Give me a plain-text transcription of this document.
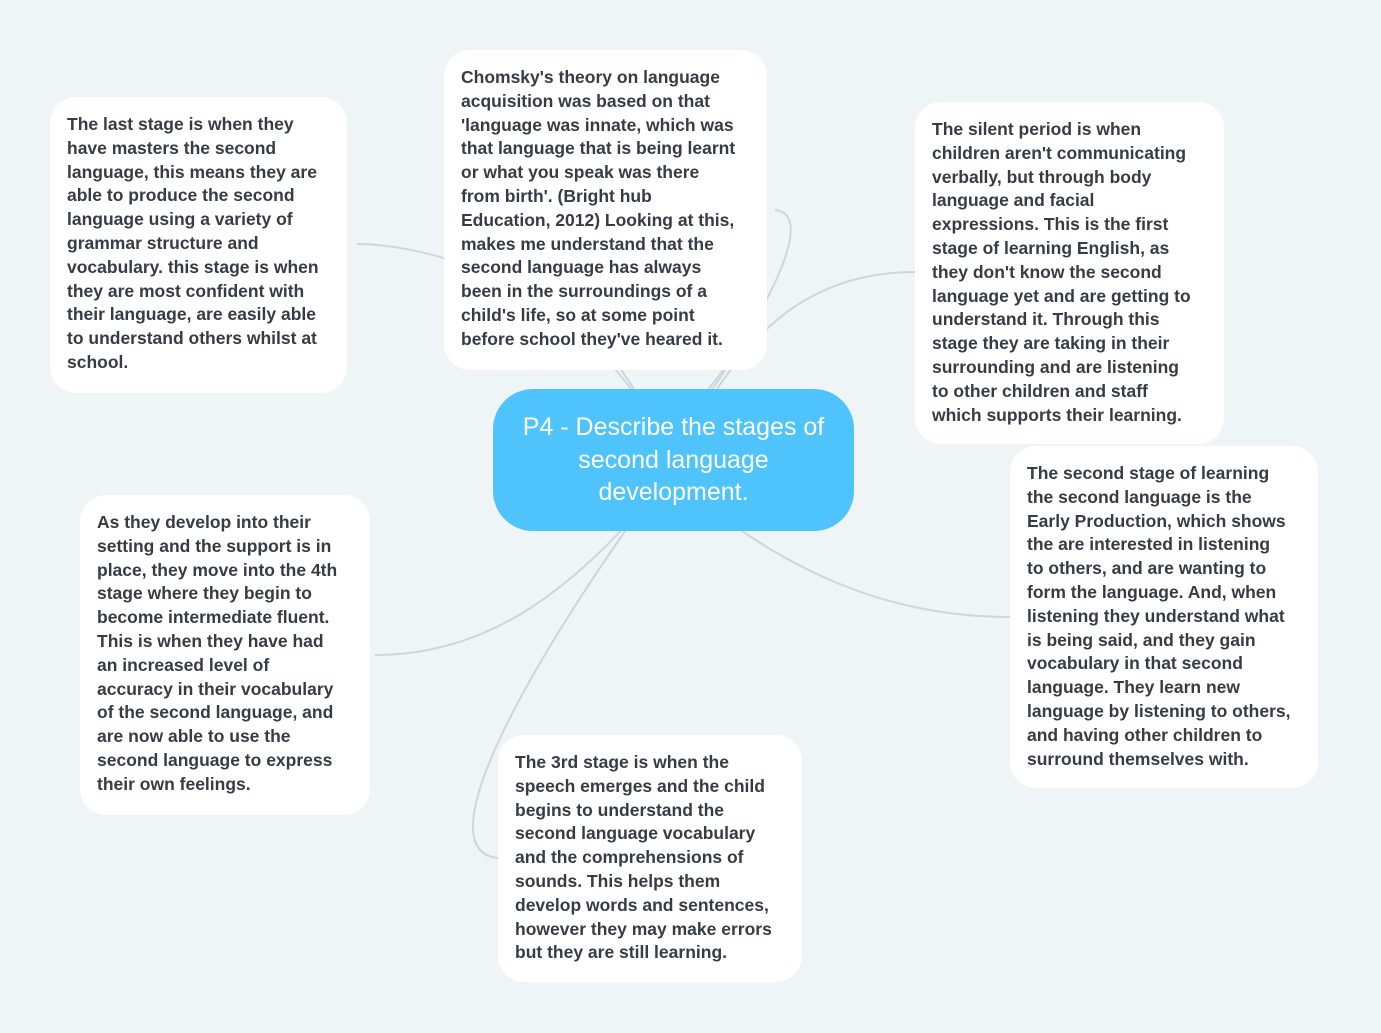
Chomsky's theory on language
acquisition was based on that
'language was innate, which was
that language that is being learnt
or what you speak was there
from birth'. (Bright hub
Education, 2012) Looking at this,
makes me understand that the
second language has always
been in the surroundings of a
child's life, so at some point
before school they've heared it.
The last stage is when they
have masters the second
language, this means they are
able to produce the second
language using a variety of
grammar structure and
vocabulary. this stage is when
they are most confident with
their language, are easily able
to understand others whilst at
school.
The silent period is when
children aren't communicating
verbally, but through body
language and facial
expressions. This is the first
stage of learning English, as
they don't know the second
language yet and are getting to
understand it. Through this
stage they are taking in their
surrounding and are listening
to other children and staff
which supports their learning.
The second stage of learning
the second language is the
Early Production, which shows
the are interested in listening
to others, and are wanting to
form the language. And, when
listening they understand what
is being said, and they gain
vocabulary in that second
language. They learn new
language by listening to others,
and having other children to
surround themselves with.
As they develop into their
setting and the support is in
place, they move into the 4th
stage where they begin to
become intermediate fluent.
This is when they have had
an increased level of
accuracy in their vocabulary
of the second language, and
are now able to use the
second language to express
their own feelings.
The 3rd stage is when the
speech emerges and the child
begins to understand the
second language vocabulary
and the comprehensions of
sounds. This helps them
develop words and sentences,
however they may make errors
but they are still learning.
P4 - Describe the stages of
second language
development.
